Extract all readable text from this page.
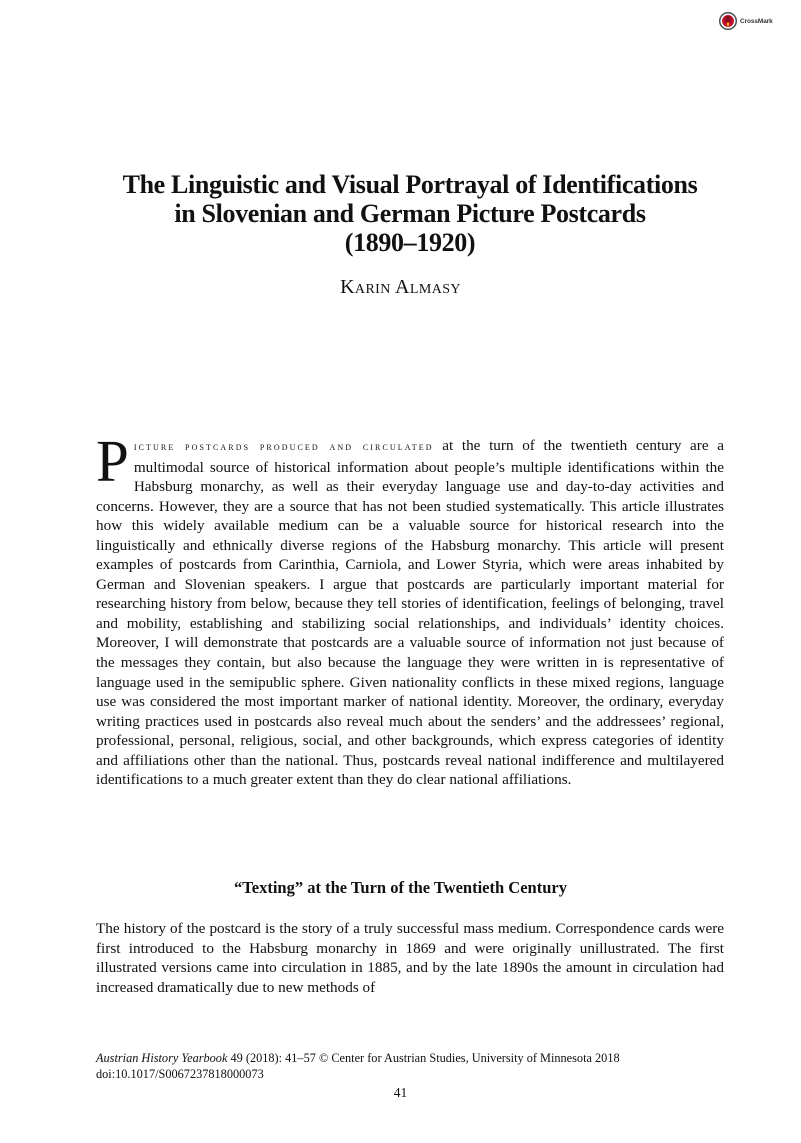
CrossMark
The Linguistic and Visual Portrayal of Identifications
in Slovenian and German Picture Postcards
(1890–1920)
Karin Almasy

Picture postcards produced and circulated at the turn of the twentieth century are a multimodal source of historical information about people’s multiple identifications within the Habsburg monarchy, as well as their everyday language use and day-to-day activities and concerns. However, they are a source that has not been studied systematically. This article illustrates how this widely available medium can be a valuable source for historical research into the linguistically and ethnically diverse regions of the Habsburg monarchy. This article will present examples of postcards from Carinthia, Carniola, and Lower Styria, which were areas inhabited by German and Slovenian speakers. I argue that postcards are particularly important material for researching history from below, because they tell stories of identification, feelings of belonging, travel and mobility, establishing and stabilizing social relationships, and individuals’ identity choices. Moreover, I will demonstrate that postcards are a valuable source of information not just because of the messages they contain, but also because the language they were written in is representative of language used in the semipublic sphere. Given nationality conflicts in these mixed regions, language use was considered the most important marker of national identity. Moreover, the ordinary, everyday writing practices used in postcards also reveal much about the senders’ and the addressees’ regional, professional, personal, religious, social, and other backgrounds, which express categories of identity and affiliations other than the national. Thus, postcards reveal national indifference and multilayered identifications to a much greater extent than they do clear national affiliations.

“Texting” at the Turn of the Twentieth Century

The history of the postcard is the story of a truly successful mass medium. Correspondence cards were first introduced to the Habsburg monarchy in 1869 and were originally unillustrated. The first illustrated versions came into circulation in 1885, and by the late 1890s the amount in circulation had increased dramatically due to new methods of

Austrian History Yearbook 49 (2018): 41–57 © Center for Austrian Studies, University of Minnesota 2018
doi:10.1017/S0067237818000073
41
